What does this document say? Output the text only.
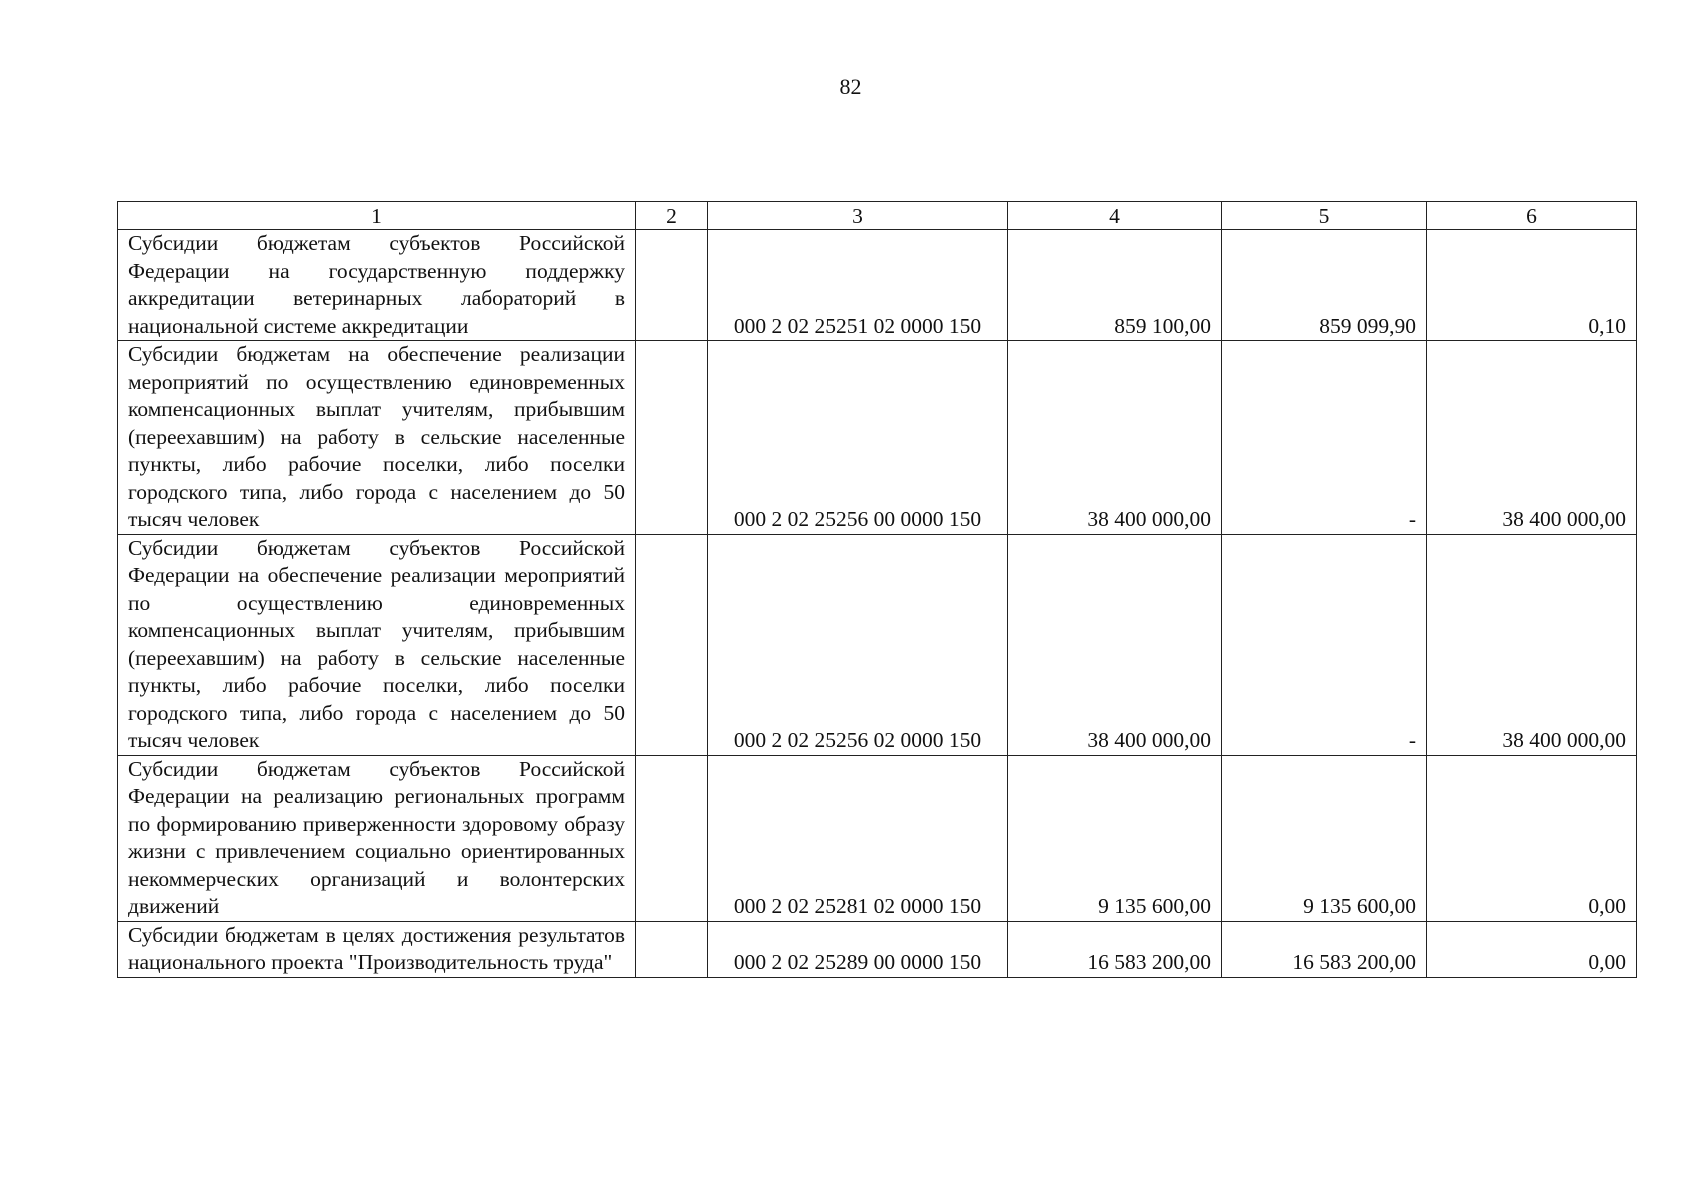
82
1	2	3	4	5	6
Субсидии бюджетам субъектов Российской Федерации на государственную поддержку аккредитации ветеринарных лабораторий в национальной системе аккредитации		000 2 02 25251 02 0000 150	859 100,00	859 099,90	0,10
Субсидии бюджетам на обеспечение реализации мероприятий по осуществлению единовременных компенсационных выплат учителям, прибывшим (переехавшим) на работу в сельские населенные пункты, либо рабочие поселки, либо поселки городского типа, либо города с населением до 50 тысяч человек		000 2 02 25256 00 0000 150	38 400 000,00	-	38 400 000,00
Субсидии бюджетам субъектов Российской Федерации на обеспечение реализации мероприятий по осуществлению единовременных компенсационных выплат учителям, прибывшим (переехавшим) на работу в сельские населенные пункты, либо рабочие поселки, либо поселки городского типа, либо города с населением до 50 тысяч человек		000 2 02 25256 02 0000 150	38 400 000,00	-	38 400 000,00
Субсидии бюджетам субъектов Российской Федерации на реализацию региональных программ по формированию приверженности здоровому образу жизни с привлечением социально ориентированных некоммерческих организаций и волонтерских движений		000 2 02 25281 02 0000 150	9 135 600,00	9 135 600,00	0,00
Субсидии бюджетам в целях достижения результатов национального проекта "Производительность труда"		000 2 02 25289 00 0000 150	16 583 200,00	16 583 200,00	0,00
